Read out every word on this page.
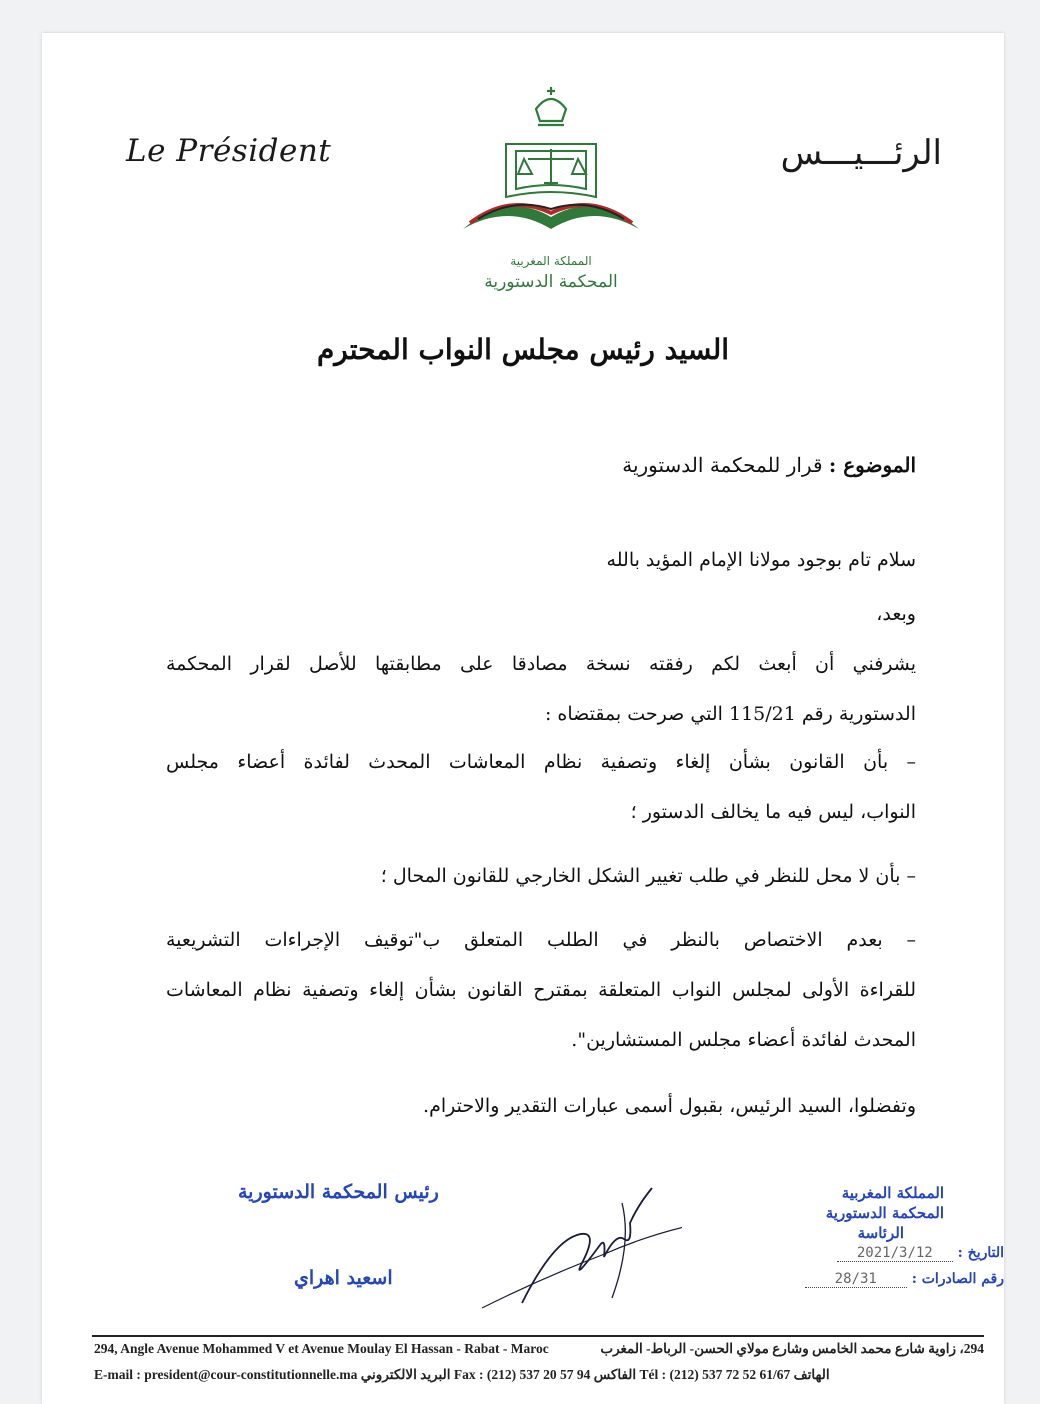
Le Président
المملكة المغربية
المحكمة الدستورية
الرئـــيـــس
السيد رئيس مجلس النواب المحترم
الموضوع : قرار للمحكمة الدستورية
سلام تام بوجود مولانا الإمام المؤيد بالله
وبعد،
يشرفني أن أبعث لكم رفقته نسخة مصادقا على مطابقتها للأصل لقرار المحكمة
الدستورية رقم 115/21 التي صرحت بمقتضاه :
– بأن القانون بشأن إلغاء وتصفية نظام المعاشات المحدث لفائدة أعضاء مجلس
النواب، ليس فيه ما يخالف الدستور ؛
– بأن لا محل للنظر في طلب تغيير الشكل الخارجي للقانون المحال ؛
– بعدم الاختصاص بالنظر في الطلب المتعلق ب"توقيف الإجراءات التشريعية
للقراءة الأولى لمجلس النواب المتعلقة بمقترح القانون بشأن إلغاء وتصفية نظام المعاشات
المحدث لفائدة أعضاء مجلس المستشارين".
وتفضلوا، السيد الرئيس، بقبول أسمى عبارات التقدير والاحترام.
رئيس المحكمة الدستورية
اسعيد اهراي
المملكة المغربية
المحكمة الدستورية
الرئاسة
التاريخ : 2021/3/12
رقم الصادرات : 28/31
294, Angle Avenue Mohammed V et Avenue Moulay El Hassan - Rabat - Maroc	294، زاوية شارع محمد الخامس وشارع مولاي الحسن- الرباط- المغرب
E-mail : president@cour-constitutionnelle.ma البريد الالكتروني Fax : (212) 537 20 57 94 الفاكس Tél : (212) 537 72 52 61/67 الهاتف
